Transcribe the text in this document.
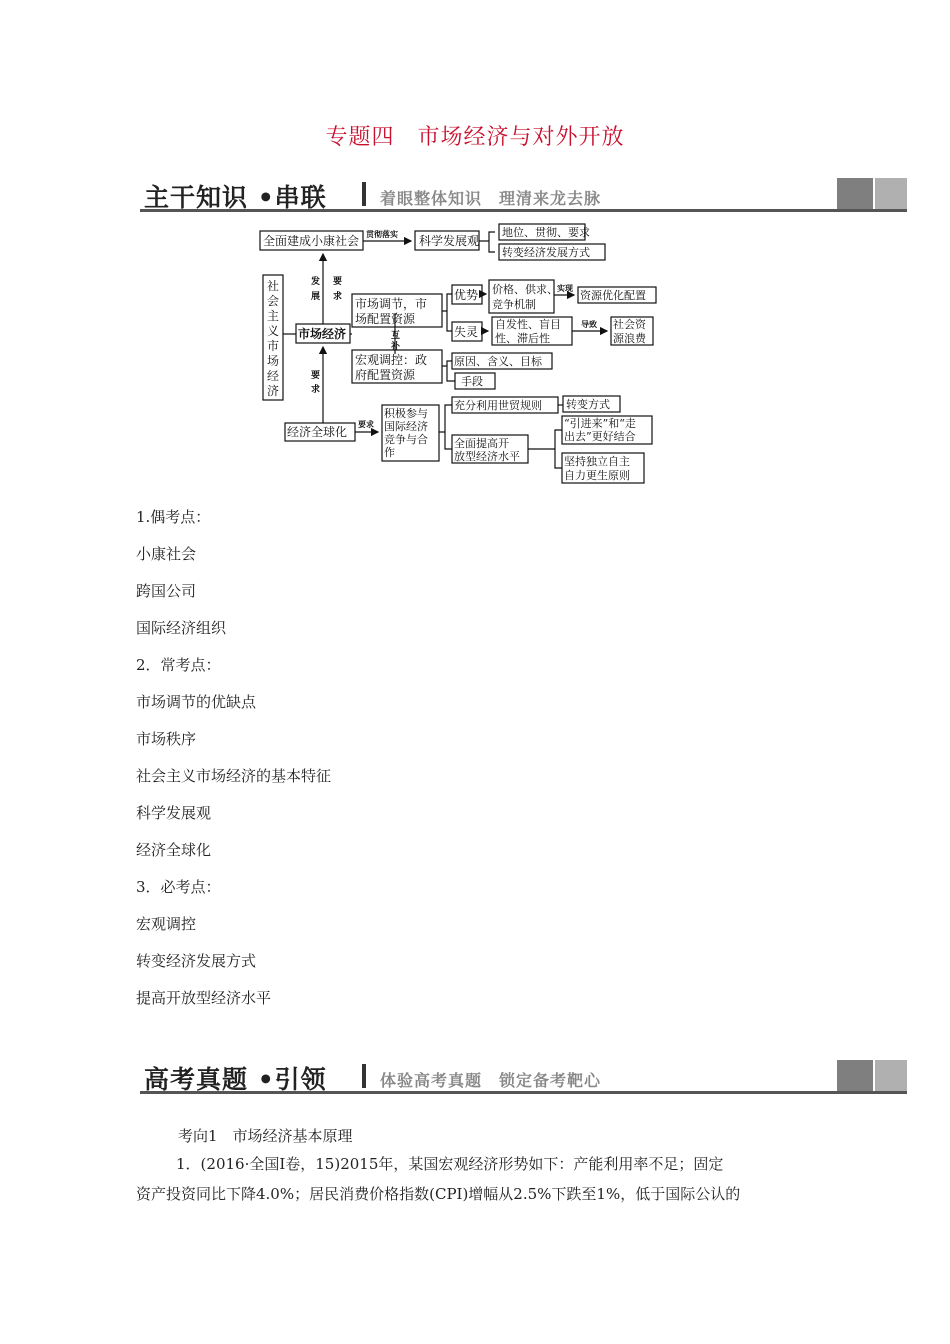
专题四　市场经济与对外开放
主干知识 •串联	着眼整体知识　理清来龙去脉
社会主 义市场 经济
全面建成小康社会 贯彻落实 科学发展观
地位、贯彻、要求
转变经济发展方式
发展
要求
市场经济
市场调节，市场配置资源
互补
优势 价格、供求、竞争机制
实现
资源优化配置
失灵
自发性、盲目性、滞后性
导致 社会资源浪费
宏观调控：政府配置资源
原因、含义、目标
手段
要求
经济全球化
要求
积极参与国际经济竞争与合作
充分利用世贸规则 转变方式
全面提高开放型经济水平
“引进来”和“走出去”更好结合
坚持独立自主自力更生原则
1.偶考点：
小康社会
跨国公司
国际经济组织
2．常考点：
市场调节的优缺点
市场秩序
社会主义市场经济的基本特征
科学发展观
经济全球化
3．必考点：
宏观调控
转变经济发展方式
提高开放型经济水平
高考真题 •引领	体验高考真题　锁定备考靶心
考向1　市场经济基本原理
1．(2016·全国Ⅰ卷，15)2015年，某国宏观经济形势如下：产能利用率不足；固定
资产投资同比下降4.0%；居民消费价格指数(CPI)增幅从2.5%下跌至1%，低于国际公认的
